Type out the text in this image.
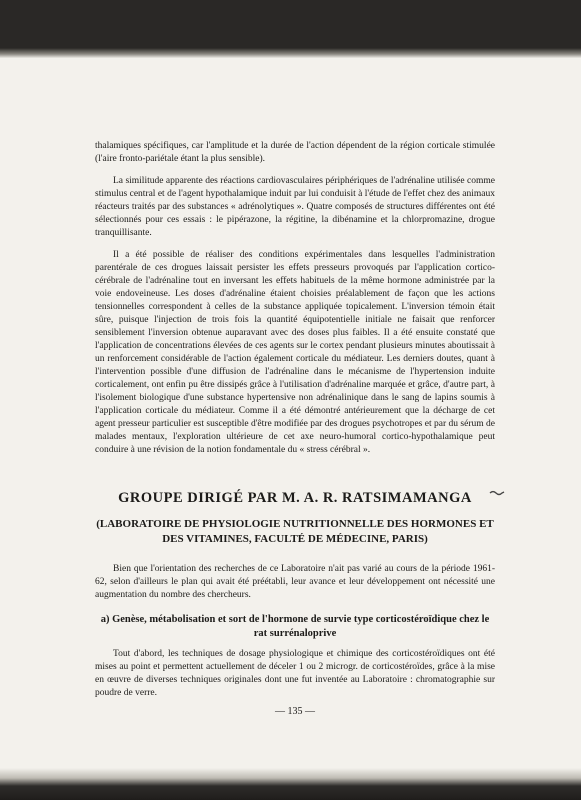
thalamiques spécifiques, car l'amplitude et la durée de l'action dépendent de la région corticale stimulée (l'aire fronto-pariétale étant la plus sensible).

La similitude apparente des réactions cardiovasculaires périphériques de l'adrénaline utilisée comme stimulus central et de l'agent hypothalamique induit par lui conduisit à l'étude de l'effet chez des animaux réacteurs traités par des substances « adrénolytiques ». Quatre composés de structures différentes ont été sélectionnés pour ces essais : le pipérazone, la régitine, la dibénamine et la chlorpromazine, drogue tranquillisante.

Il a été possible de réaliser des conditions expérimentales dans lesquelles l'administration parentérale de ces drogues laissait persister les effets presseurs provoqués par l'application cortico-cérébrale de l'adrénaline tout en inversant les effets habituels de la même hormone administrée par la voie endoveineuse. Les doses d'adrénaline étaient choisies préalablement de façon que les actions tensionnelles correspondent à celles de la substance appliquée topicalement. L'inversion témoin était sûre, puisque l'injection de trois fois la quantité équipotentielle initiale ne faisait que renforcer sensiblement l'inversion obtenue auparavant avec des doses plus faibles. Il a été ensuite constaté que l'application de concentrations élevées de ces agents sur le cortex pendant plusieurs minutes aboutissait à un renforcement considérable de l'action également corticale du médiateur. Les derniers doutes, quant à l'intervention possible d'une diffusion de l'adrénaline dans le mécanisme de l'hypertension induite corticalement, ont enfin pu être dissipés grâce à l'utilisation d'adrénaline marquée et grâce, d'autre part, à l'isolement biologique d'une substance hypertensive non adrénalinique dans le sang de lapins soumis à l'application corticale du médiateur. Comme il a été démontré antérieurement que la décharge de cet agent presseur particulier est susceptible d'être modifiée par des drogues psychotropes et par du sérum de malades mentaux, l'exploration ultérieure de cet axe neuro-humoral cortico-hypothalamique peut conduire à une révision de la notion fondamentale du « stress cérébral ».

GROUPE DIRIGÉ PAR M. A. R. RATSIMAMANGA
(LABORATOIRE DE PHYSIOLOGIE NUTRITIONNELLE DES HORMONES ET DES VITAMINES, FACULTÉ DE MÉDECINE, PARIS)

Bien que l'orientation des recherches de ce Laboratoire n'ait pas varié au cours de la période 1961-62, selon d'ailleurs le plan qui avait été préétabli, leur avance et leur développement ont nécessité une augmentation du nombre des chercheurs.

a) Genèse, métabolisation et sort de l'hormone de survie type corticostéroïdique chez le rat surrénaloprive

Tout d'abord, les techniques de dosage physiologique et chimique des corticostéroïdiques ont été mises au point et permettent actuellement de déceler 1 ou 2 microgr. de corticostéroïdes, grâce à la mise en œuvre de diverses techniques originales dont une fut inventée au Laboratoire : chromatographie sur poudre de verre.

— 135 —
